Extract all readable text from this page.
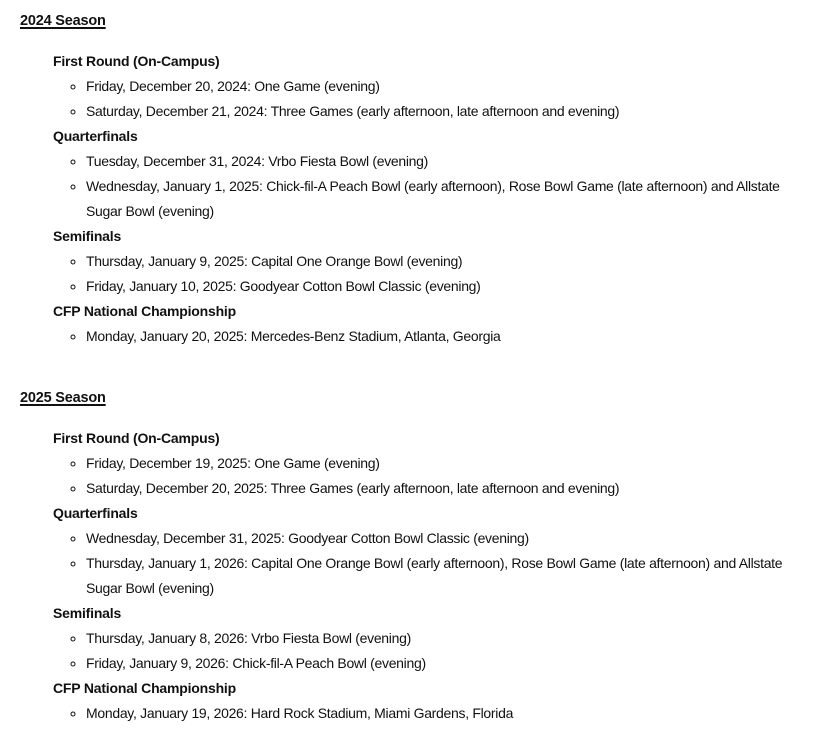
2024 Season
First Round (On-Campus)
◦ Friday, December 20, 2024: One Game (evening)
◦ Saturday, December 21, 2024: Three Games (early afternoon, late afternoon and evening)
Quarterfinals
◦ Tuesday, December 31, 2024: Vrbo Fiesta Bowl (evening)
◦ Wednesday, January 1, 2025: Chick-fil-A Peach Bowl (early afternoon), Rose Bowl Game (late afternoon) and Allstate Sugar Bowl (evening)
Semifinals
◦ Thursday, January 9, 2025: Capital One Orange Bowl (evening)
◦ Friday, January 10, 2025: Goodyear Cotton Bowl Classic (evening)
CFP National Championship
◦ Monday, January 20, 2025: Mercedes-Benz Stadium, Atlanta, Georgia
2025 Season
First Round (On-Campus)
◦ Friday, December 19, 2025: One Game (evening)
◦ Saturday, December 20, 2025: Three Games (early afternoon, late afternoon and evening)
Quarterfinals
◦ Wednesday, December 31, 2025: Goodyear Cotton Bowl Classic (evening)
◦ Thursday, January 1, 2026: Capital One Orange Bowl (early afternoon), Rose Bowl Game (late afternoon) and Allstate Sugar Bowl (evening)
Semifinals
◦ Thursday, January 8, 2026: Vrbo Fiesta Bowl (evening)
◦ Friday, January 9, 2026: Chick-fil-A Peach Bowl (evening)
CFP National Championship
◦ Monday, January 19, 2026: Hard Rock Stadium, Miami Gardens, Florida
